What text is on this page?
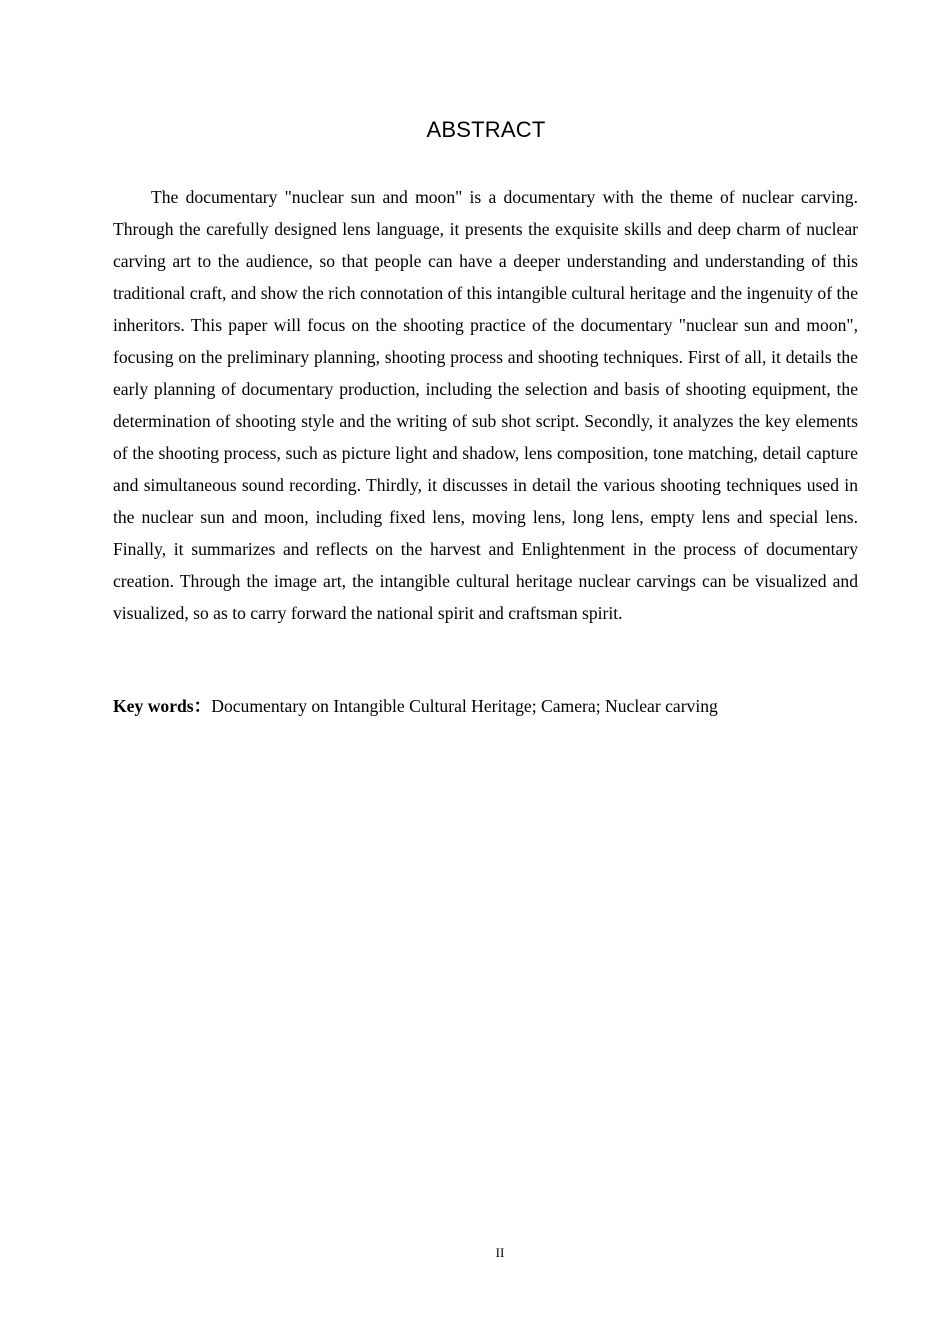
ABSTRACT

The documentary "nuclear sun and moon" is a documentary with the theme of nuclear carving. Through the carefully designed lens language, it presents the exquisite skills and deep charm of nuclear carving art to the audience, so that people can have a deeper understanding and understanding of this traditional craft, and show the rich connotation of this intangible cultural heritage and the ingenuity of the inheritors. This paper will focus on the shooting practice of the documentary "nuclear sun and moon", focusing on the preliminary planning, shooting process and shooting techniques. First of all, it details the early planning of documentary production, including the selection and basis of shooting equipment, the determination of shooting style and the writing of sub shot script. Secondly, it analyzes the key elements of the shooting process, such as picture light and shadow, lens composition, tone matching, detail capture and simultaneous sound recording. Thirdly, it discusses in detail the various shooting techniques used in the nuclear sun and moon, including fixed lens, moving lens, long lens, empty lens and special lens. Finally, it summarizes and reflects on the harvest and Enlightenment in the process of documentary creation. Through the image art, the intangible cultural heritage nuclear carvings can be visualized and visualized, so as to carry forward the national spirit and craftsman spirit.

Key words：Documentary on Intangible Cultural Heritage; Camera; Nuclear carving

II
